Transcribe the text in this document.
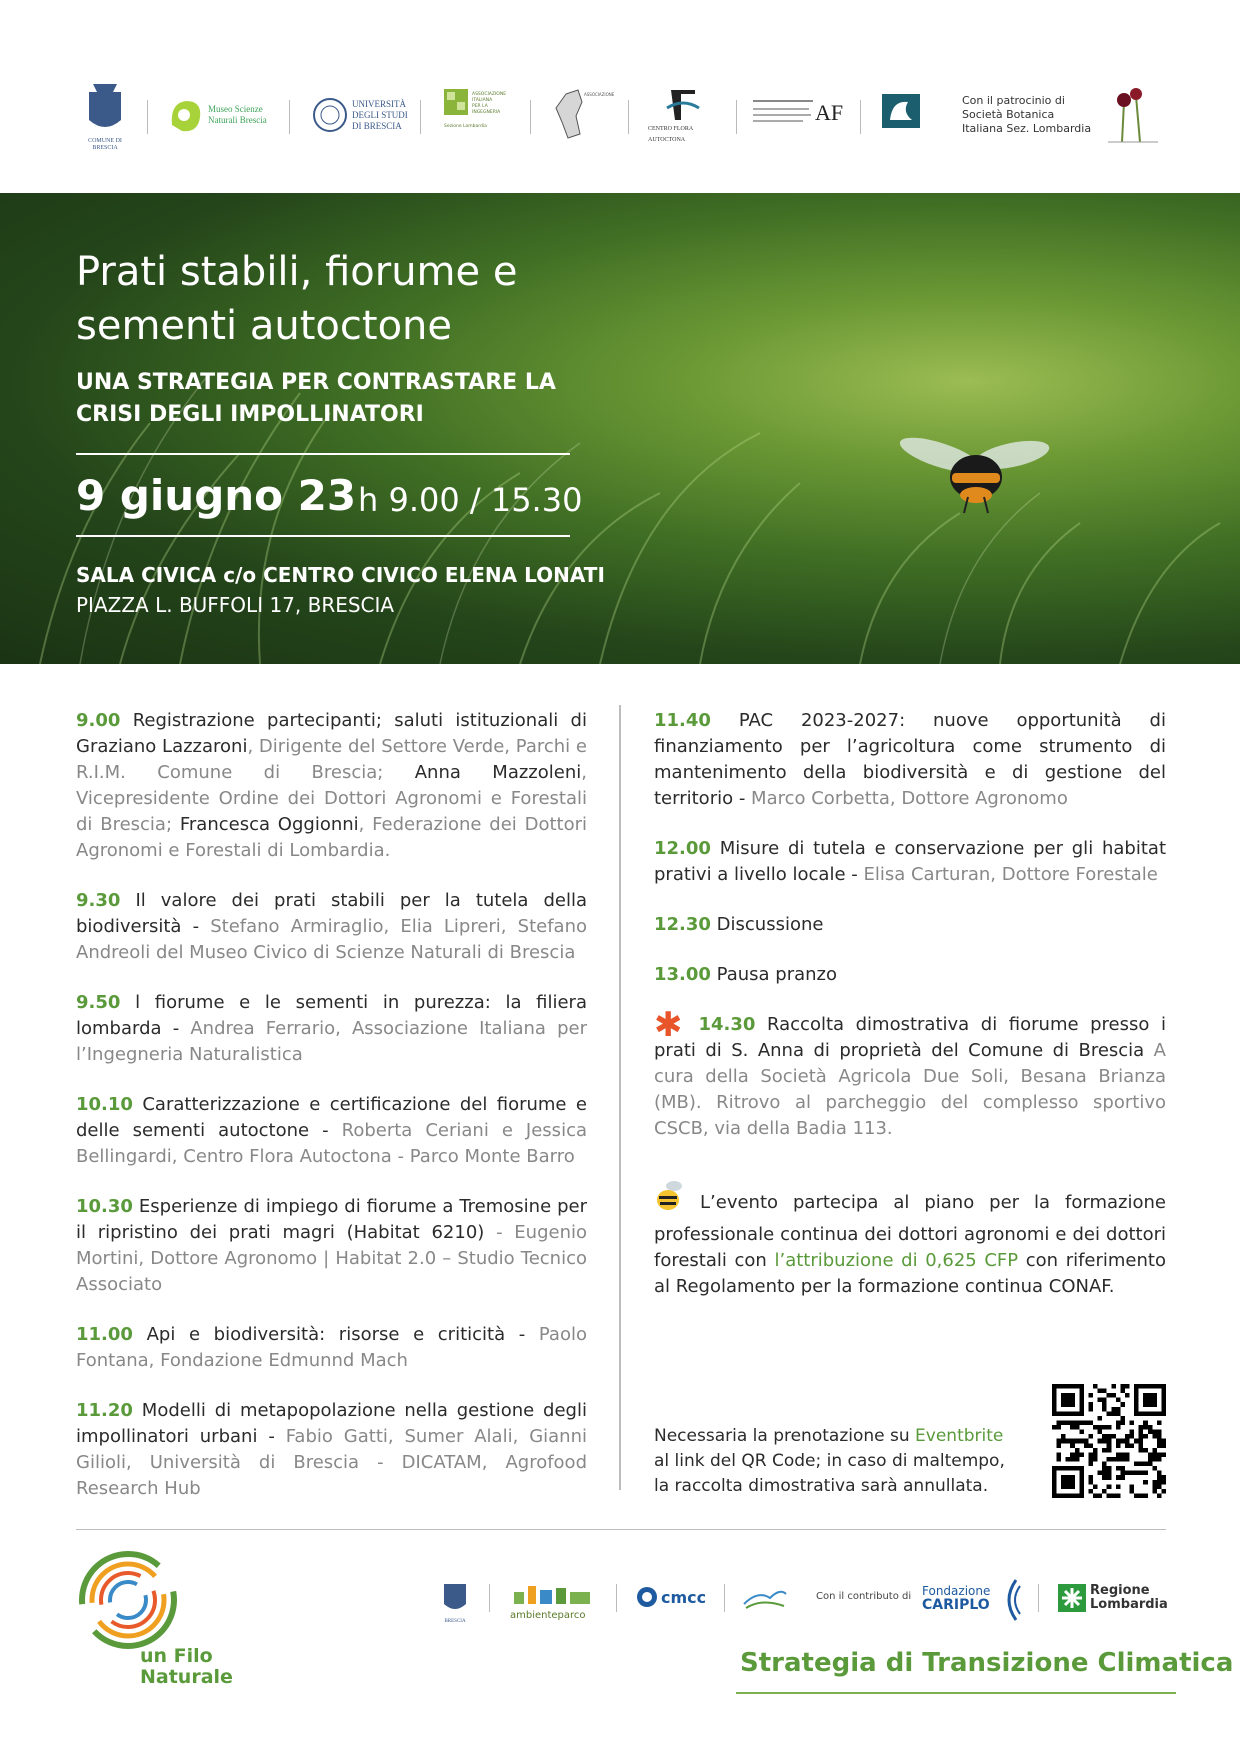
COMUNE DI
BRESCIA
Museo Scienze Naturali Brescia
UNIVERSITÀ DEGLI STUDI DI BRESCIA
ASSOCIAZIONE
ITALIANA
PER LA
INGEGNERIA
Sezione Lombardia
ASSOCIAZIONE
CENTRO FLORA AUTOCTONA
AF	Con il patrocinio di
Società Botanica
Italiana Sez. Lombardia
Prati stabili, fiorume e
sementi autoctone
UNA STRATEGIA PER CONTRASTARE LA
CRISI DEGLI IMPOLLINATORI
9 giugno 23 h 9.00 / 15.30
SALA CIVICA c/o CENTRO CIVICO ELENA LONATI
PIAZZA L. BUFFOLI 17, BRESCIA
9.00 Registrazione partecipanti; saluti istituzionali di Graziano Lazzaroni, Dirigente del Settore Verde, Parchi e R.I.M. Comune di Brescia; Anna Mazzoleni, Vicepresidente Ordine dei Dottori Agronomi e Forestali di Brescia; Francesca Oggionni, Federazione dei Dottori Agronomi e Forestali di Lombardia.
9.30 Il valore dei prati stabili per la tutela della biodiversità - Stefano Armiraglio, Elia Lipreri, Stefano Andreoli del Museo Civico di Scienze Naturali di Brescia
9.50 l fiorume e le sementi in purezza: la filiera lombarda - Andrea Ferrario, Associazione Italiana per l’Ingegneria Naturalistica
10.10 Caratterizzazione e certificazione del fiorume e delle sementi autoctone - Roberta Ceriani e Jessica Bellingardi, Centro Flora Autoctona - Parco Monte Barro
10.30 Esperienze di impiego di fiorume a Tremosine per il ripristino dei prati magri (Habitat 6210) - Eugenio Mortini, Dottore Agronomo | Habitat 2.0 – Studio Tecnico Associato
11.00 Api e biodiversità: risorse e criticità - Paolo Fontana, Fondazione Edmunnd Mach
11.20 Modelli di metapopolazione nella gestione degli impollinatori urbani - Fabio Gatti, Sumer Alali, Gianni Gilioli, Università di Brescia - DICATAM, Agrofood Research Hub
11.40 PAC 2023-2027: nuove opportunità di finanziamento per l’agricoltura come strumento di mantenimento della biodiversità e di gestione del territorio - Marco Corbetta, Dottore Agronomo
12.00 Misure di tutela e conservazione per gli habitat prativi a livello locale - Elisa Carturan, Dottore Forestale
12.30 Discussione
13.00 Pausa pranzo
✱ 14.30 Raccolta dimostrativa di fiorume presso i prati di S. Anna di proprietà del Comune di Brescia A cura della Società Agricola Due Soli, Besana Brianza (MB). Ritrovo al parcheggio del complesso sportivo CSCB, via della Badia 113.
L’evento partecipa al piano per la formazione professionale continua dei dottori agronomi e dei dottori forestali con l’attribuzione di 0,625 CFP con riferimento al Regolamento per la formazione continua CONAF.
Necessaria la prenotazione su Eventbrite
al link del QR Code; in caso di maltempo,
la raccolta dimostrativa sarà annullata.
un Filo
Naturale
BRESCIA
ambienteparco
cmcc	Con il contributo di Fondazione
CARIPLO
Regione
Lombardia
Strategia di Transizione Climatica
